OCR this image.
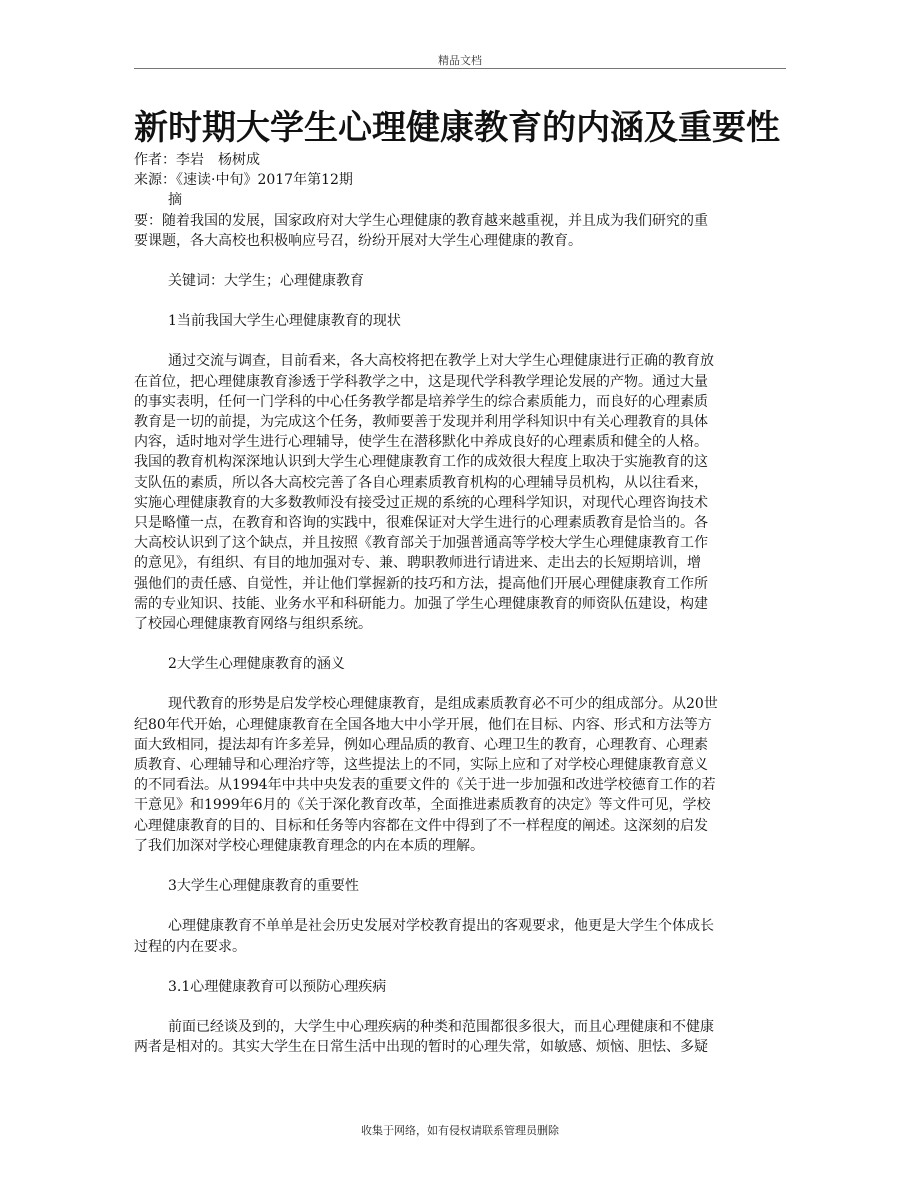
精品文档
新时期大学生心理健康教育的内涵及重要性
作者：李岩　杨树成
来源：《速读·中旬》2017年第12期
摘
要：随着我国的发展，国家政府对大学生心理健康的教育越来越重视，并且成为我们研究的重
要课题，各大高校也积极响应号召，纷纷开展对大学生心理健康的教育。
关键词：大学生；心理健康教育
1当前我国大学生心理健康教育的现状
通过交流与调查，目前看来，各大高校将把在教学上对大学生心理健康进行正确的教育放
在首位，把心理健康教育渗透于学科教学之中，这是现代学科教学理论发展的产物。通过大量
的事实表明，任何一门学科的中心任务教学都是培养学生的综合素质能力，而良好的心理素质
教育是一切的前提，为完成这个任务，教师要善于发现并利用学科知识中有关心理教育的具体
内容，适时地对学生进行心理辅导，使学生在潜移默化中养成良好的心理素质和健全的人格。
我国的教育机构深深地认识到大学生心理健康教育工作的成效很大程度上取决于实施教育的这
支队伍的素质，所以各大高校完善了各自心理素质教育机构的心理辅导员机构，从以往看来，
实施心理健康教育的大多数教师没有接受过正规的系统的心理科学知识，对现代心理咨询技术
只是略懂一点，在教育和咨询的实践中，很难保证对大学生进行的心理素质教育是恰当的。各
大高校认识到了这个缺点，并且按照《教育部关于加强普通高等学校大学生心理健康教育工作
的意见》，有组织、有目的地加强对专、兼、聘职教师进行请进来、走出去的长短期培训，增
强他们的责任感、自觉性，并让他们掌握新的技巧和方法，提高他们开展心理健康教育工作所
需的专业知识、技能、业务水平和科研能力。加强了学生心理健康教育的师资队伍建设，构建
了校园心理健康教育网络与组织系统。
2大学生心理健康教育的涵义
现代教育的形势是启发学校心理健康教育，是组成素质教育必不可少的组成部分。从20世
纪80年代开始，心理健康教育在全国各地大中小学开展，他们在目标、内容、形式和方法等方
面大致相同，提法却有许多差异，例如心理品质的教育、心理卫生的教育，心理教育、心理素
质教育、心理辅导和心理治疗等，这些提法上的不同，实际上应和了对学校心理健康教育意义
的不同看法。从1994年中共中央发表的重要文件的《关于进一步加强和改进学校德育工作的若
干意见》和1999年6月的《关于深化教育改革，全面推进素质教育的决定》等文件可见，学校
心理健康教育的目的、目标和任务等内容都在文件中得到了不一样程度的阐述。这深刻的启发
了我们加深对学校心理健康教育理念的内在本质的理解。
3大学生心理健康教育的重要性
心理健康教育不单单是社会历史发展对学校教育提出的客观要求，他更是大学生个体成长
过程的内在要求。
3.1心理健康教育可以预防心理疾病
前面已经谈及到的，大学生中心理疾病的种类和范围都很多很大，而且心理健康和不健康
两者是相对的。其实大学生在日常生活中出现的暂时的心理失常，如敏感、烦恼、胆怯、多疑
收集于网络，如有侵权请联系管理员删除
